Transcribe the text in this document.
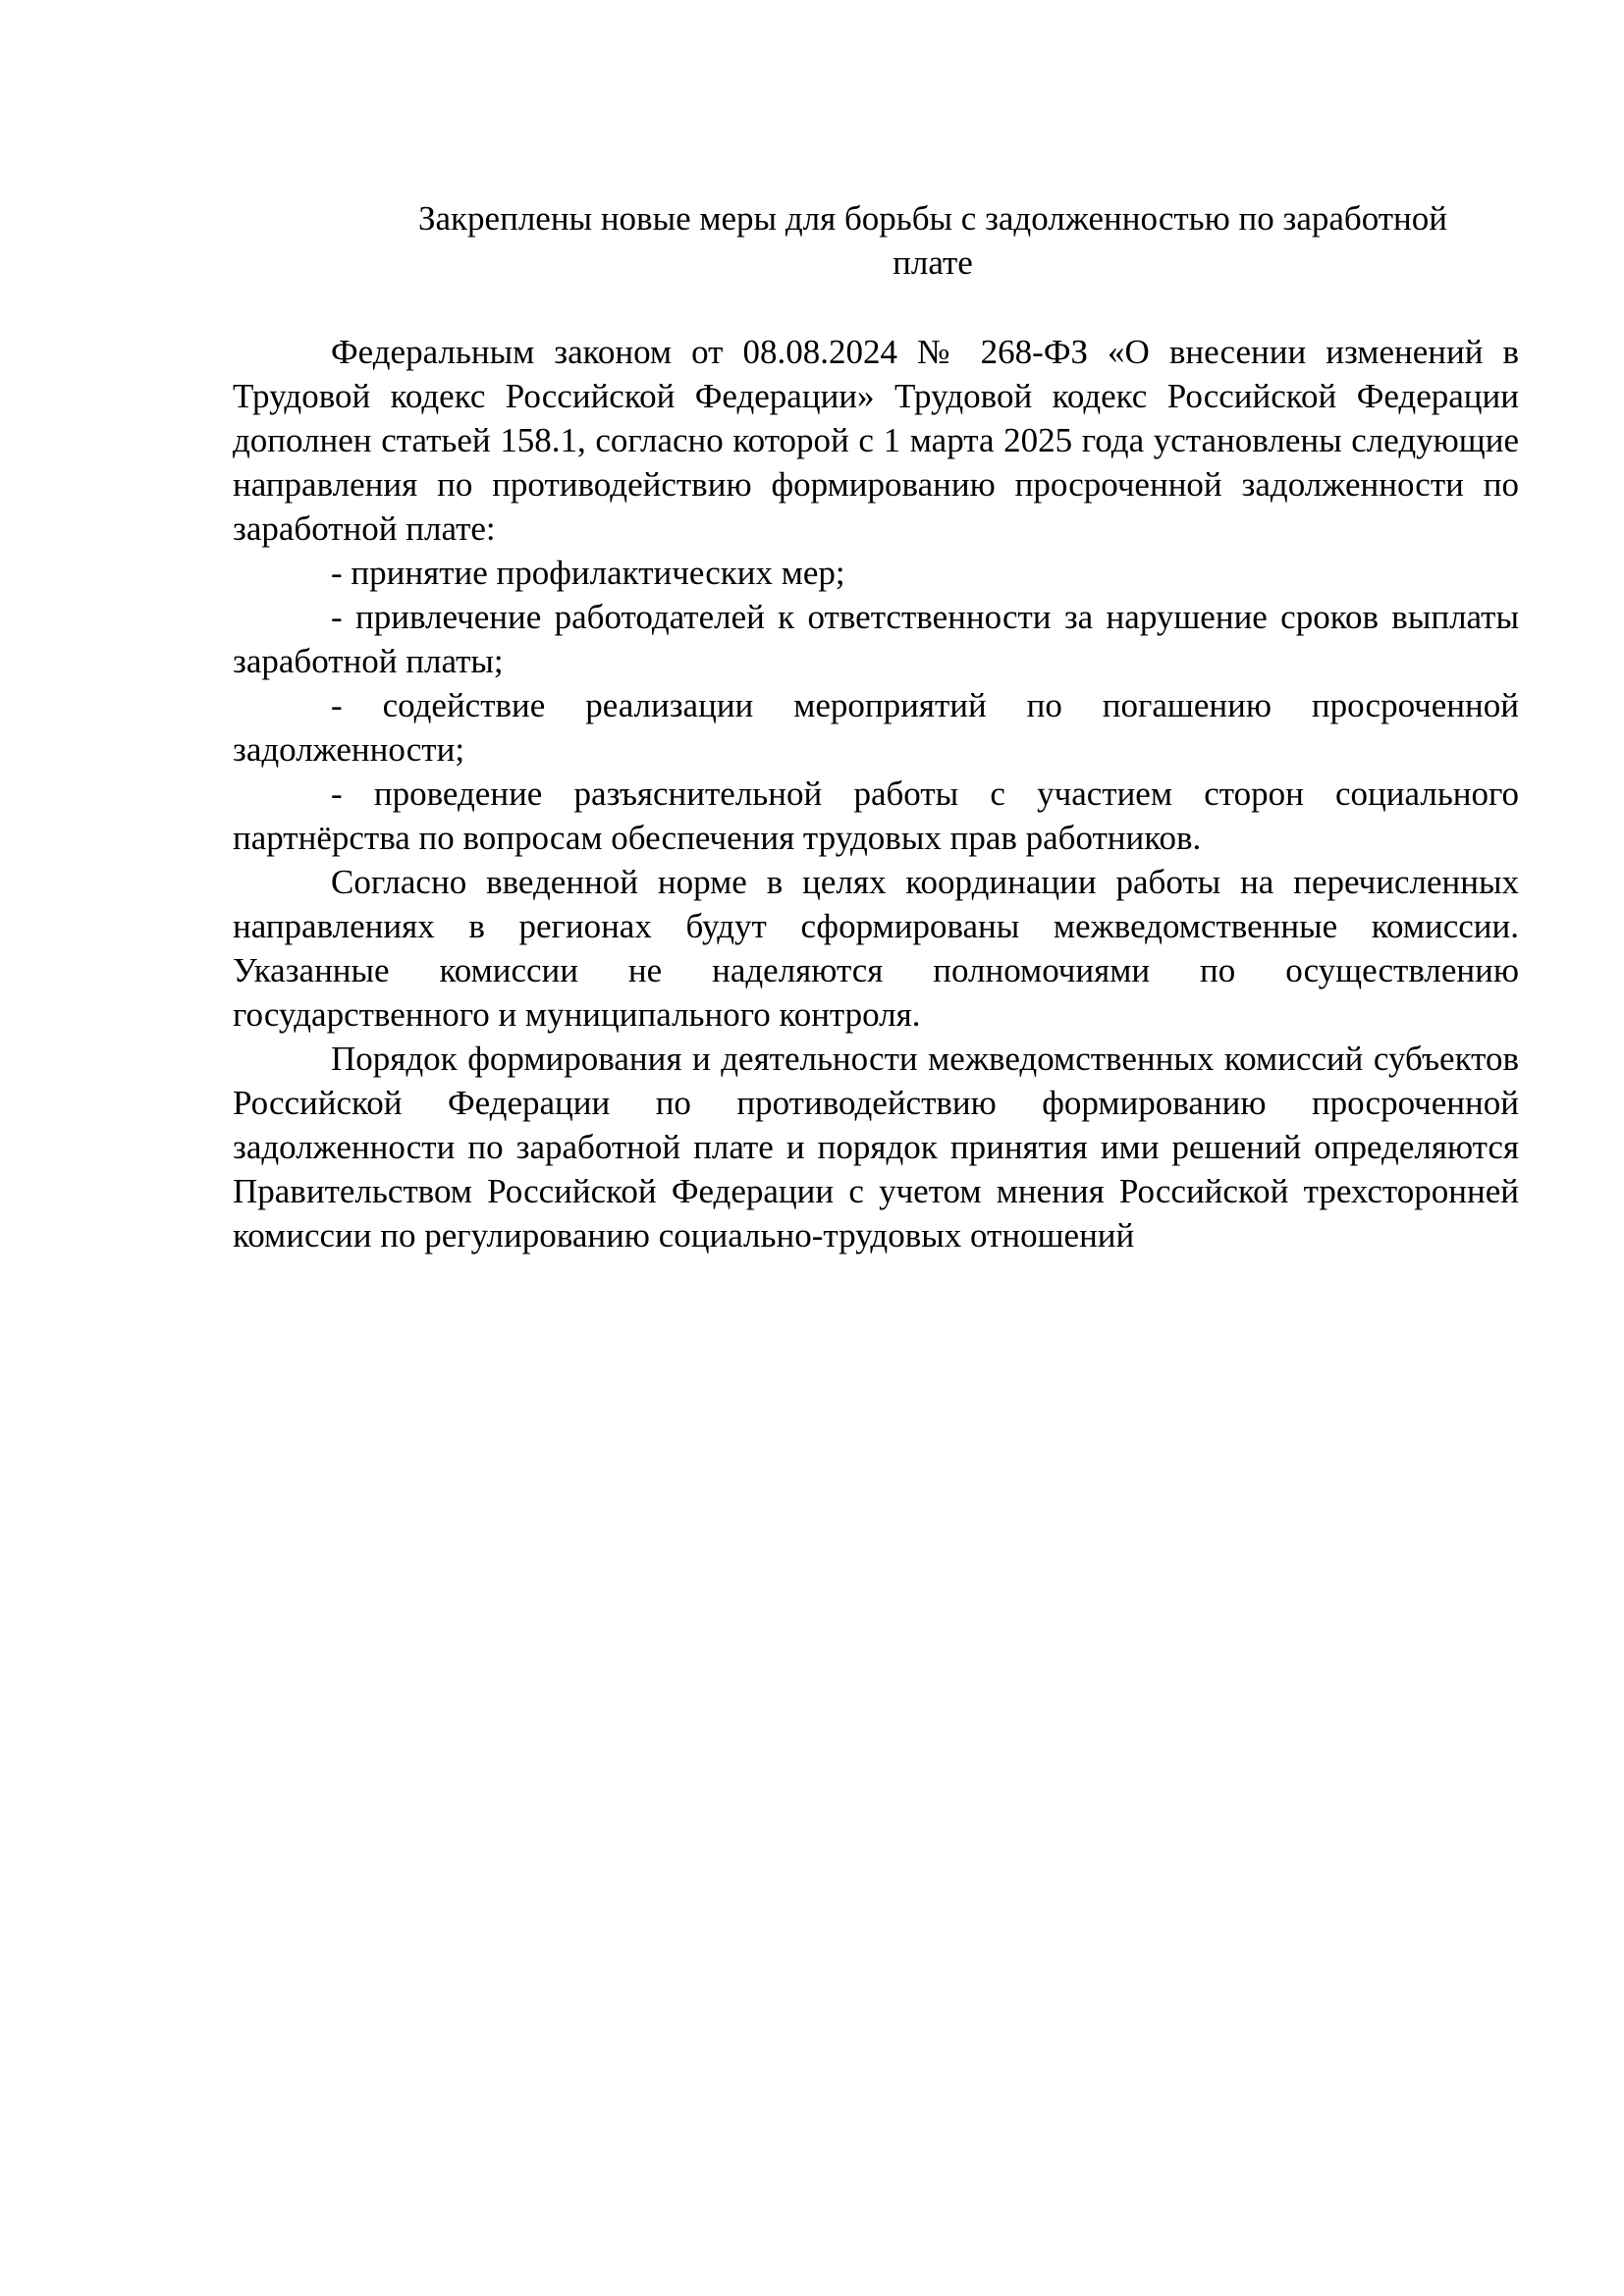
Закреплены новые меры для борьбы с задолженностью по заработной
плате

Федеральным законом от 08.08.2024 № 268-ФЗ «О внесении изменений в Трудовой кодекс Российской Федерации» Трудовой кодекс Российской Федерации дополнен статьей 158.1, согласно которой с 1 марта 2025 года установлены следующие направления по противодействию формированию просроченной задолженности по заработной плате:

- принятие профилактических мер;

- привлечение работодателей к ответственности за нарушение сроков выплаты заработной платы;

- содействие реализации мероприятий по погашению просроченной задолженности;

- проведение разъяснительной работы с участием сторон социального партнёрства по вопросам обеспечения трудовых прав работников.

Согласно введенной норме в целях координации работы на перечисленных направлениях в регионах будут сформированы межведомственные комиссии. Указанные комиссии не наделяются полномочиями по осуществлению государственного и муниципального контроля.

Порядок формирования и деятельности межведомственных комиссий субъектов Российской Федерации по противодействию формированию просроченной задолженности по заработной плате и порядок принятия ими решений определяются Правительством Российской Федерации с учетом мнения Российской трехсторонней комиссии по регулированию социально-трудовых отношений
